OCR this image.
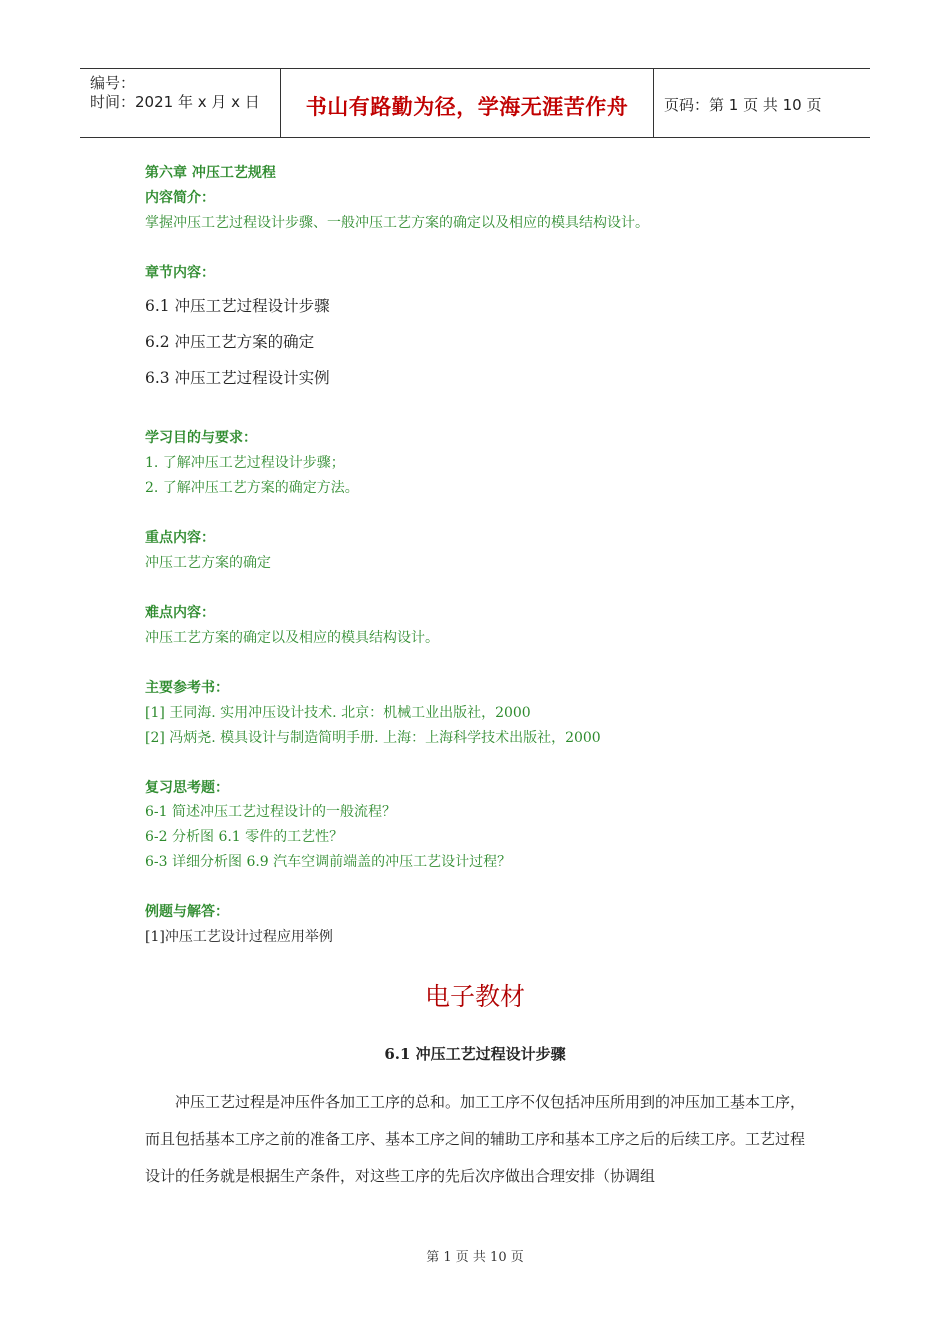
编号：
时间：2021 年 x 月 x 日	书山有路勤为径，学海无涯苦作舟	页码：第 1 页 共 10 页
第六章 冲压工艺规程
内容简介：
掌握冲压工艺过程设计步骤、一般冲压工艺方案的确定以及相应的模具结构设计。
章节内容：
6.1 冲压工艺过程设计步骤
6.2 冲压工艺方案的确定
6.3 冲压工艺过程设计实例
学习目的与要求：
1. 了解冲压工艺过程设计步骤；
2. 了解冲压工艺方案的确定方法。
重点内容：
冲压工艺方案的确定
难点内容：
冲压工艺方案的确定以及相应的模具结构设计。
主要参考书：
[1] 王同海. 实用冲压设计技术. 北京：机械工业出版社，2000
[2] 冯炳尧. 模具设计与制造简明手册. 上海：上海科学技术出版社，2000
复习思考题：
6-1 简述冲压工艺过程设计的一般流程？
6-2 分析图 6.1 零件的工艺性？
6-3 详细分析图 6.9 汽车空调前端盖的冲压工艺设计过程？
例题与解答：
[1]冲压工艺设计过程应用举例
电子教材
6.1 冲压工艺过程设计步骤
冲压工艺过程是冲压件各加工工序的总和。加工工序不仅包括冲压所用到的冲压加工基本工序，而且包括基本工序之前的准备工序、基本工序之间的辅助工序和基本工序之后的后续工序。工艺过程设计的任务就是根据生产条件，对这些工序的先后次序做出合理安排（协调组
第 1 页 共 10 页
